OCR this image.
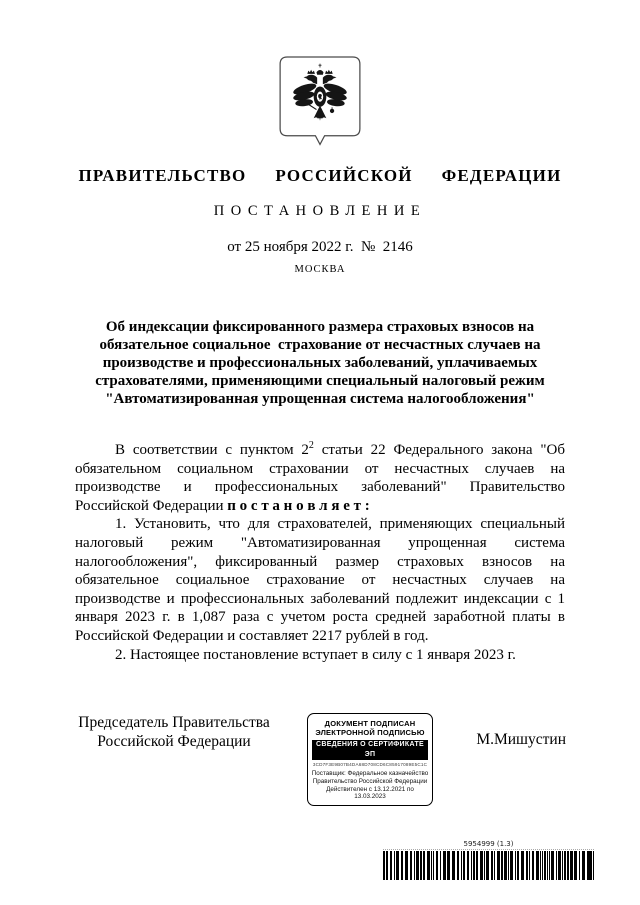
ПРАВИТЕЛЬСТВО  РОССИЙСКОЙ  ФЕДЕРАЦИИ
ПОСТАНОВЛЕНИЕ
от 25 ноября 2022 г.  №  2146
МОСКВА
Об индексации фиксированного размера страховых взносов на
обязательное социальное  страхование от несчастных случаев на
производстве и профессиональных заболеваний, уплачиваемых
страхователями, применяющими специальный налоговый режим
"Автоматизированная упрощенная система налогообложения"

В соответствии с пунктом $2^2$ статьи 22 Федерального закона "Об обязательном социальном страховании от несчастных случаев на производстве и профессиональных заболеваний" Правительство Российской Федерации п о с т а н о в л я е т :

1. Установить, что для страхователей, применяющих специальный налоговый режим "Автоматизированная упрощенная система налогообложения", фиксированный размер страховых взносов на обязательное социальное страхование от несчастных случаев на производстве и профессиональных заболеваний подлежит индексации с 1 января 2023 г. в 1,087 раза с учетом роста средней заработной платы в Российской Федерации и составляет 2217 рублей в год.

2. Настоящее постановление вступает в силу с 1 января 2023 г.

Председатель Правительства
Российской Федерации
ДОКУМЕНТ ПОДПИСАН
ЭЛЕКТРОННОЙ ПОДПИСЬЮ
СВЕДЕНИЯ О СЕРТИФИКАТЕ ЭП
3CD7F3E9B07B4DA68D708CD6C85917089E5C1C
Поставщик: Федеральное казначейство
Правительство Российской Федерации
Действителен с 13.12.2021 по 13.03.2023
М.Мишустин
5954999 (1.3)
